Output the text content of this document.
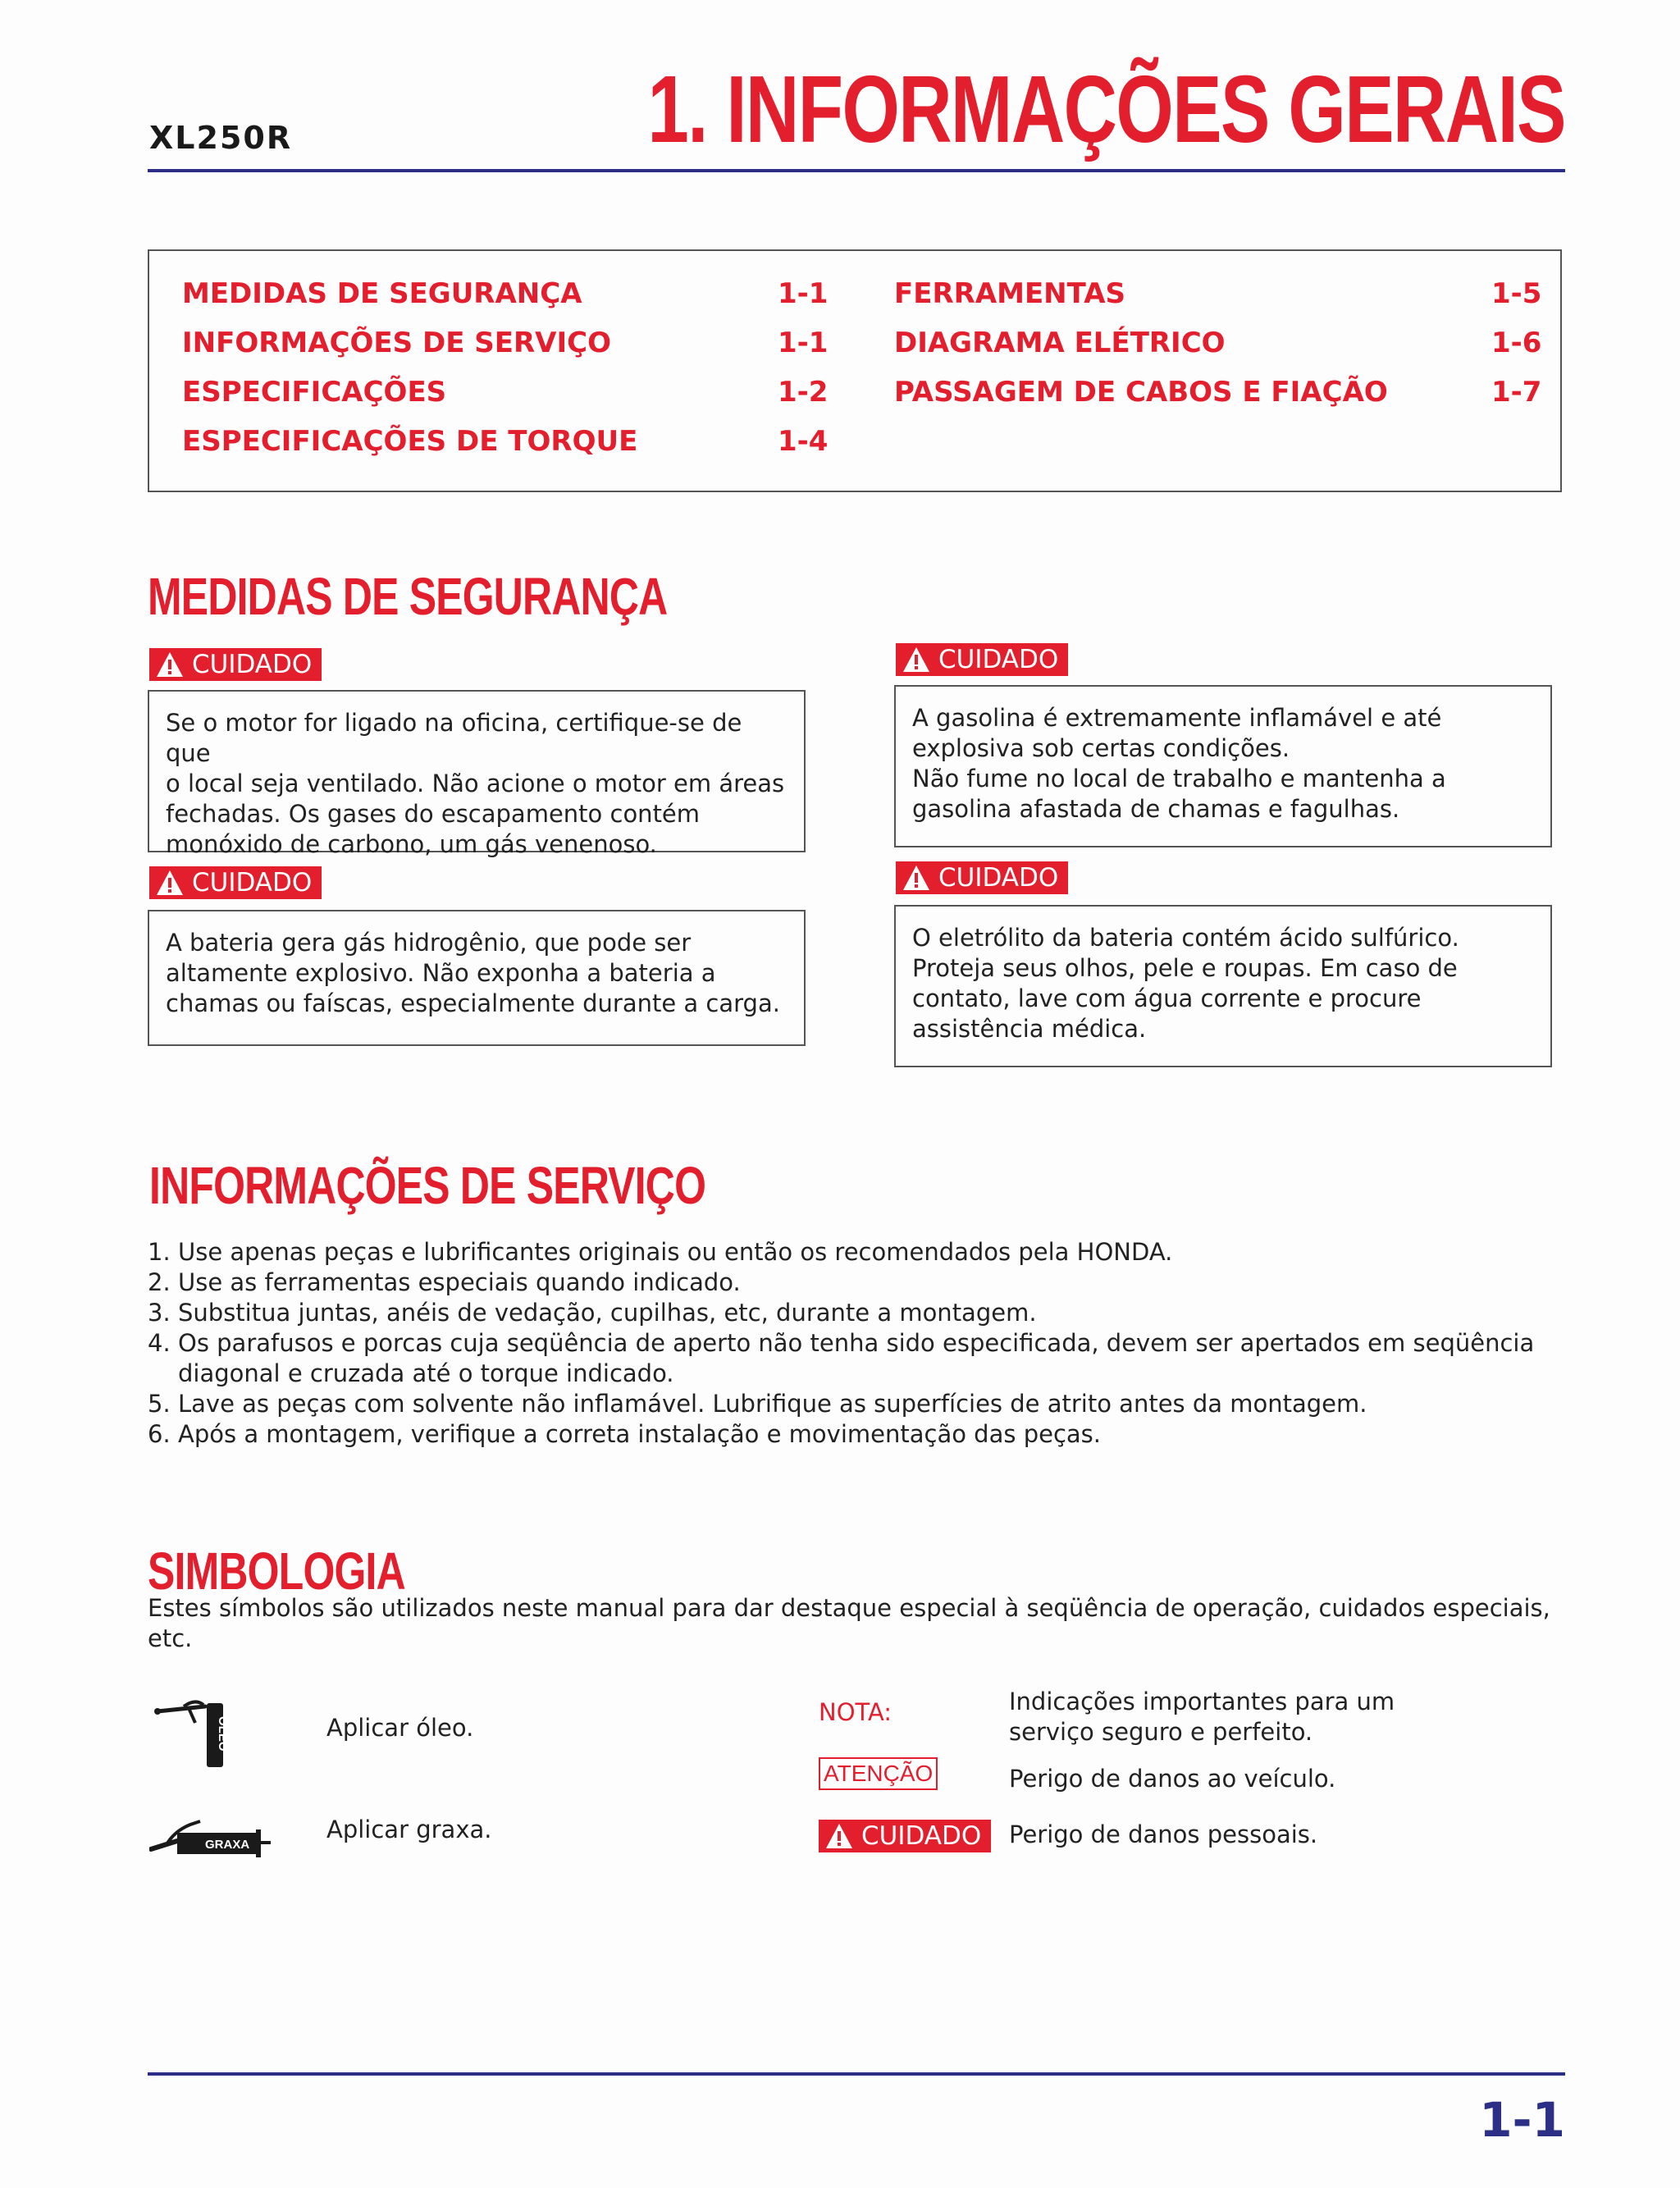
XL250R	1. INFORMAÇÕES GERAIS
MEDIDAS DE SEGURANÇA	1-1
INFORMAÇÕES DE SERVIÇO	1-1
ESPECIFICAÇÕES	1-2
ESPECIFICAÇÕES DE TORQUE	1-4
FERRAMENTAS	1-5
DIAGRAMA ELÉTRICO	1-6
PASSAGEM DE CABOS E FIAÇÃO	1-7
MEDIDAS DE SEGURANÇA
CUIDADO
Se o motor for ligado na oficina, certifique-se de que
o local seja ventilado. Não acione o motor em áreas
fechadas. Os gases do escapamento contém
monóxido de carbono, um gás venenoso.
CUIDADO
A bateria gera gás hidrogênio, que pode ser
altamente explosivo. Não exponha a bateria a
chamas ou faíscas, especialmente durante a carga.
CUIDADO
A gasolina é extremamente inflamável e até
explosiva sob certas condições.
Não fume no local de trabalho e mantenha a
gasolina afastada de chamas e fagulhas.
CUIDADO
O eletrólito da bateria contém ácido sulfúrico.
Proteja seus olhos, pele e roupas. Em caso de
contato, lave com água corrente e procure
assistência médica.
INFORMAÇÕES DE SERVIÇO
1. Use apenas peças e lubrificantes originais ou então os recomendados pela HONDA.
2. Use as ferramentas especiais quando indicado.
3. Substitua juntas, anéis de vedação, cupilhas, etc, durante a montagem.
4. Os parafusos e porcas cuja seqüência de aperto não tenha sido especificada, devem ser apertados em seqüência
diagonal e cruzada até o torque indicado.
5. Lave as peças com solvente não inflamável. Lubrifique as superfícies de atrito antes da montagem.
6. Após a montagem, verifique a correta instalação e movimentação das peças.
SIMBOLOGIA
Estes símbolos são utilizados neste manual para dar destaque especial à seqüência de operação, cuidados especiais,
etc.
ÓLEO	Aplicar óleo.
GRAXA
Aplicar graxa.
NOTA:	Indicações importantes para um
serviço seguro e perfeito.
ATENÇÃO	Perigo de danos ao veículo.
CUIDADO Perigo de danos pessoais.
1-1
